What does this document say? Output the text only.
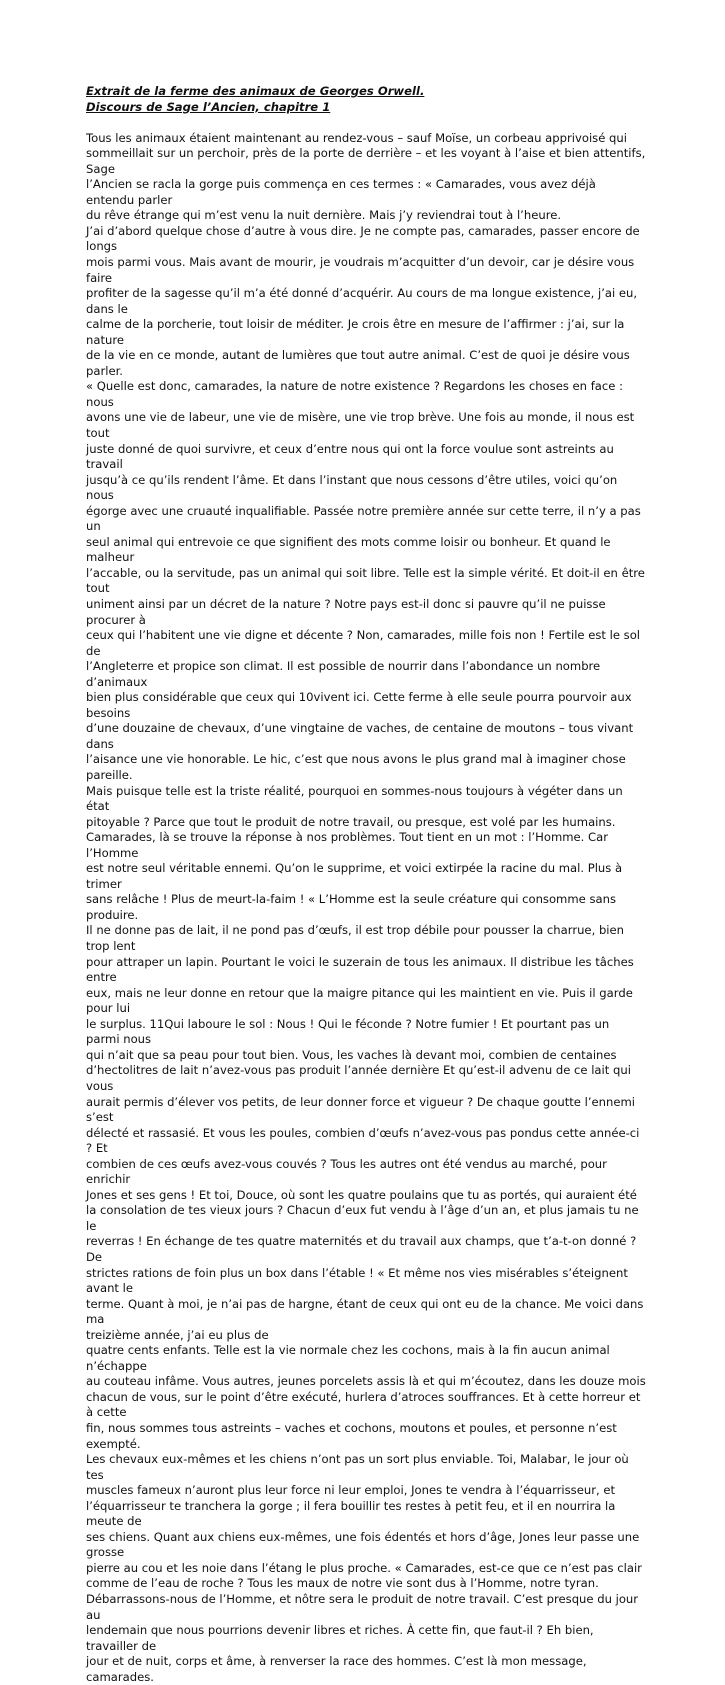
Extrait de la ferme des animaux de Georges Orwell.

Discours de Sage l’Ancien, chapitre 1

Tous les animaux étaient maintenant au rendez-vous – sauf Moïse, un corbeau apprivoisé qui
sommeillait sur un perchoir, près de la porte de derrière – et les voyant à l’aise et bien attentifs, Sage
l’Ancien se racla la gorge puis commença en ces termes : « Camarades, vous avez déjà entendu parler
du rêve étrange qui m’est venu la nuit dernière. Mais j’y reviendrai tout à l’heure.
J’ai d’abord quelque chose d’autre à vous dire. Je ne compte pas, camarades, passer encore de longs
mois parmi vous. Mais avant de mourir, je voudrais m’acquitter d’un devoir, car je désire vous faire
profiter de la sagesse qu’il m’a été donné d’acquérir. Au cours de ma longue existence, j’ai eu, dans le
calme de la porcherie, tout loisir de méditer. Je crois être en mesure de l’affirmer : j’ai, sur la nature
de la vie en ce monde, autant de lumières que tout autre animal. C’est de quoi je désire vous parler.
« Quelle est donc, camarades, la nature de notre existence ? Regardons les choses en face : nous
avons une vie de labeur, une vie de misère, une vie trop brève. Une fois au monde, il nous est tout
juste donné de quoi survivre, et ceux d’entre nous qui ont la force voulue sont astreints au travail
jusqu’à ce qu’ils rendent l’âme. Et dans l’instant que nous cessons d’être utiles, voici qu’on nous
égorge avec une cruauté inqualifiable. Passée notre première année sur cette terre, il n’y a pas un
seul animal qui entrevoie ce que signifient des mots comme loisir ou bonheur. Et quand le malheur
l’accable, ou la servitude, pas un animal qui soit libre. Telle est la simple vérité. Et doit-il en être tout
uniment ainsi par un décret de la nature ? Notre pays est-il donc si pauvre qu’il ne puisse procurer à
ceux qui l’habitent une vie digne et décente ? Non, camarades, mille fois non ! Fertile est le sol de
l’Angleterre et propice son climat. Il est possible de nourrir dans l’abondance un nombre d’animaux
bien plus considérable que ceux qui 10vivent ici. Cette ferme à elle seule pourra pourvoir aux besoins
d’une douzaine de chevaux, d’une vingtaine de vaches, de centaine de moutons – tous vivant dans
l’aisance une vie honorable. Le hic, c’est que nous avons le plus grand mal à imaginer chose pareille.
Mais puisque telle est la triste réalité, pourquoi en sommes-nous toujours à végéter dans un état
pitoyable ? Parce que tout le produit de notre travail, ou presque, est volé par les humains.
Camarades, là se trouve la réponse à nos problèmes. Tout tient en un mot : l’Homme. Car l’Homme
est notre seul véritable ennemi. Qu’on le supprime, et voici extirpée la racine du mal. Plus à trimer
sans relâche ! Plus de meurt-la-faim ! « L’Homme est la seule créature qui consomme sans produire.
Il ne donne pas de lait, il ne pond pas d’œufs, il est trop débile pour pousser la charrue, bien trop lent
pour attraper un lapin. Pourtant le voici le suzerain de tous les animaux. Il distribue les tâches entre
eux, mais ne leur donne en retour que la maigre pitance qui les maintient en vie. Puis il garde pour lui
le surplus. 11Qui laboure le sol : Nous ! Qui le féconde ? Notre fumier ! Et pourtant pas un parmi nous
qui n’ait que sa peau pour tout bien. Vous, les vaches là devant moi, combien de centaines
d’hectolitres de lait n’avez-vous pas produit l’année dernière Et qu’est-il advenu de ce lait qui vous
aurait permis d’élever vos petits, de leur donner force et vigueur ? De chaque goutte l’ennemi s’est
délecté et rassasié. Et vous les poules, combien d’œufs n’avez-vous pas pondus cette année-ci ? Et
combien de ces œufs avez-vous couvés ? Tous les autres ont été vendus au marché, pour enrichir
Jones et ses gens ! Et toi, Douce, où sont les quatre poulains que tu as portés, qui auraient été
la consolation de tes vieux jours ? Chacun d’eux fut vendu à l’âge d’un an, et plus jamais tu ne le
reverras ! En échange de tes quatre maternités et du travail aux champs, que t’a-t-on donné ? De
strictes rations de foin plus un box dans l’étable ! « Et même nos vies misérables s’éteignent avant le
terme. Quant à moi, je n’ai pas de hargne, étant de ceux qui ont eu de la chance. Me voici dans ma
treizième année, j’ai eu plus de

quatre cents enfants. Telle est la vie normale chez les cochons, mais à la fin aucun animal n’échappe
au couteau infâme. Vous autres, jeunes porcelets assis là et qui m’écoutez, dans les douze mois
chacun de vous, sur le point d’être exécuté, hurlera d’atroces souffrances. Et à cette horreur et à cette
fin, nous sommes tous astreints – vaches et cochons, moutons et poules, et personne n’est exempté.
Les chevaux eux-mêmes et les chiens n’ont pas un sort plus enviable. Toi, Malabar, le jour où tes
muscles fameux n’auront plus leur force ni leur emploi, Jones te vendra à l’équarrisseur, et
l’équarrisseur te tranchera la gorge ; il fera bouillir tes restes à petit feu, et il en nourrira la meute de
ses chiens. Quant aux chiens eux-mêmes, une fois édentés et hors d’âge, Jones leur passe une grosse
pierre au cou et les noie dans l’étang le plus proche. « Camarades, est-ce que ce n’est pas clair
comme de l’eau de roche ? Tous les maux de notre vie sont dus à l’Homme, notre tyran.
Débarrassons-nous de l’Homme, et nôtre sera le produit de notre travail. C’est presque du jour au
lendemain que nous pourrions devenir libres et riches. À cette fin, que faut-il ? Eh bien, travailler de
jour et de nuit, corps et âme, à renverser la race des hommes. C’est là mon message, camarades.
